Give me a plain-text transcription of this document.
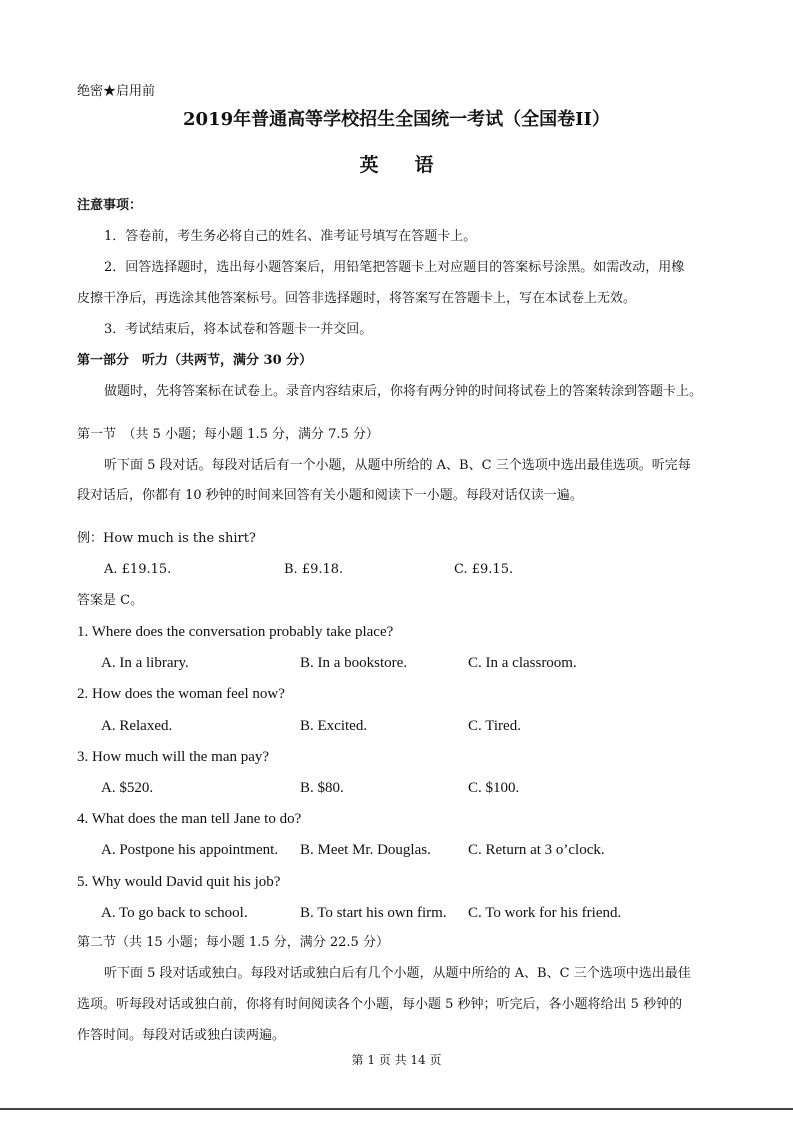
绝密★启用前
2019年普通高等学校招生全国统一考试（全国卷II）
英 语
注意事项：
1．答卷前，考生务必将自己的姓名、准考证号填写在答题卡上。
2．回答选择题时，选出每小题答案后，用铅笔把答题卡上对应题目的答案标号涂黑。如需改动，用橡
皮擦干净后，再选涂其他答案标号。回答非选择题时，将答案写在答题卡上，写在本试卷上无效。
3．考试结束后，将本试卷和答题卡一并交回。
第一部分　听力（共两节，满分 30 分）
做题时，先将答案标在试卷上。录音内容结束后，你将有两分钟的时间将试卷上的答案转涂到答题卡上。
第一节　（共 5 小题；每小题 1.5 分，满分 7.5 分）
听下面 5 段对话。每段对话后有一个小题，从题中所给的 A、B、C 三个选项中选出最佳选项。听完每
段对话后，你都有 10 秒钟的时间来回答有关小题和阅读下一小题。每段对话仅读一遍。
例：How much is the shirt?
A. £19.15.	B. £9.18.	C. £9.15.
答案是 C。
1. Where does the conversation probably take place?
A. In a library.	B. In a bookstore.	C. In a classroom.
2. How does the woman feel now?
A. Relaxed.	B. Excited.	C. Tired.
3. How much will the man pay?
A. $520.	B. $80.	C. $100.
4. What does the man tell Jane to do?
A. Postpone his appointment. B. Meet Mr. Douglas. C. Return at 3 o’clock.
5. Why would David quit his job?
A. To go back to school.	B. To start his own firm. C. To work for his friend.
第二节（共 15 小题；每小题 1.5 分，满分 22.5 分）
听下面 5 段对话或独白。每段对话或独白后有几个小题，从题中所给的 A、B、C 三个选项中选出最佳
选项。听每段对话或独白前，你将有时间阅读各个小题，每小题 5 秒钟；听完后，各小题将给出 5 秒钟的
作答时间。每段对话或独白读两遍。
第 1 页 共 14 页
